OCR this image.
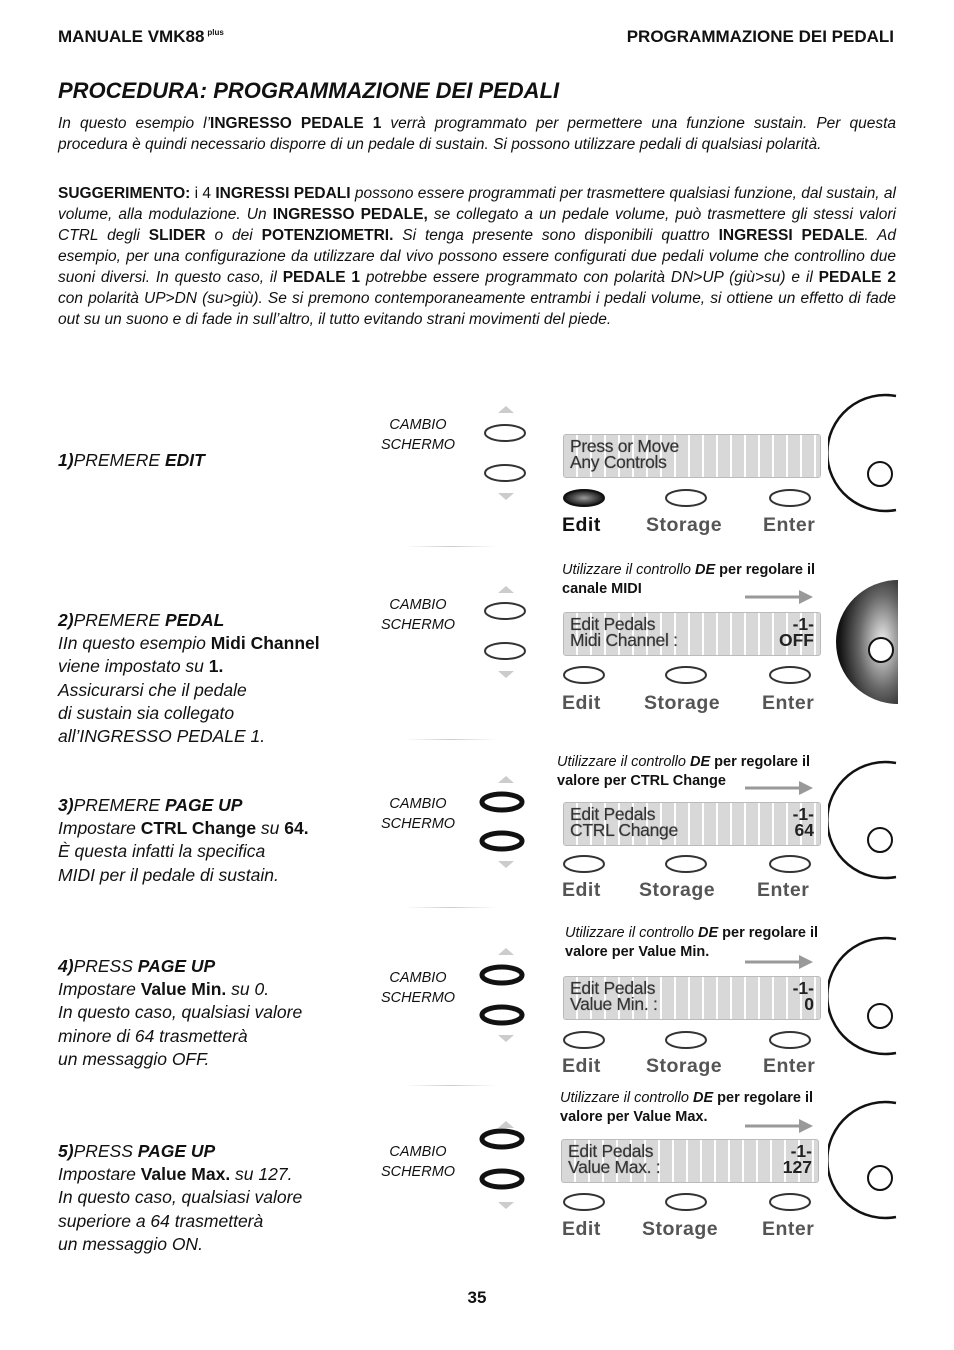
MANUALE VMK88 $^{plus}$	PROGRAMMAZIONE DEI PEDALI
PROCEDURA: PROGRAMMAZIONE DEI PEDALI
In questo esempio l’INGRESSO PEDALE 1 verrà programmato per permettere una funzione sustain. Per questa procedura è quindi necessario disporre di un pedale di sustain. Si possono utilizzare pedali di qualsiasi polarità.
SUGGERIMENTO: i 4 INGRESSI PEDALI possono essere programmati per trasmettere qualsiasi funzione, dal sustain, al volume, alla modulazione. Un INGRESSO PEDALE, se collegato a un pedale volume, può trasmettere gli stessi valori CTRL degli SLIDER o dei POTENZIOMETRI. Si tenga presente sono disponibili quattro INGRESSI PEDALE. Ad esempio, per una configurazione da utilizzare dal vivo possono essere configurati due pedali volume che controllino due suoni diversi. In questo caso, il PEDALE 1 potrebbe essere programmato con polarità DN>UP (giù>su) e il PEDALE 2 con polarità UP>DN (su>giù). Se si premono contemporaneamente entrambi i pedali volume, si ottiene un effetto di fade out su un suono e di fade in sull’altro, il tutto evitando strani movimenti del piede.
1)PREMERE EDIT
CAMBIO
SCHERMO
2)PREMERE PEDAL
IIn questo esempio Midi Channel
viene impostato su 1.
Assicurarsi che il pedale
di sustain sia collegato
all’INGRESSO PEDALE 1.
CAMBIO
SCHERMO
3)PREMERE PAGE UP
Impostare CTRL Change su 64.
È questa infatti la specifica
MIDI per il pedale di sustain.
CAMBIO
SCHERMO
4)PRESS PAGE UP
Impostare Value Min. su 0.
In questo caso, qualsiasi valore
minore di 64 trasmetterà
un messaggio OFF.
CAMBIO
SCHERMO
5)PRESS PAGE UP
Impostare Value Max. su 127.
In questo caso, qualsiasi valore
superiore a 64 trasmetterà
un messaggio ON.
CAMBIO
SCHERMO
Press or Move
Any Controls
Edit Storage Enter
Utilizzare il controllo DE per regolare il canale MIDI
Edit Pedals
Midi Channel :
-1-
OFF
Edit Storage Enter
Utilizzare il controllo DE per regolare il valore per CTRL Change
Edit Pedals
CTRL Change
-1-
64
Edit Storage Enter
Utilizzare il controllo DE per regolare il valore per Value Min.
Edit Pedals
Value Min. :
-1-
0
Edit Storage Enter
Utilizzare il controllo DE per regolare il valore per Value Max.
Edit Pedals
Value Max. :
-1-
127
Edit Storage Enter
35
